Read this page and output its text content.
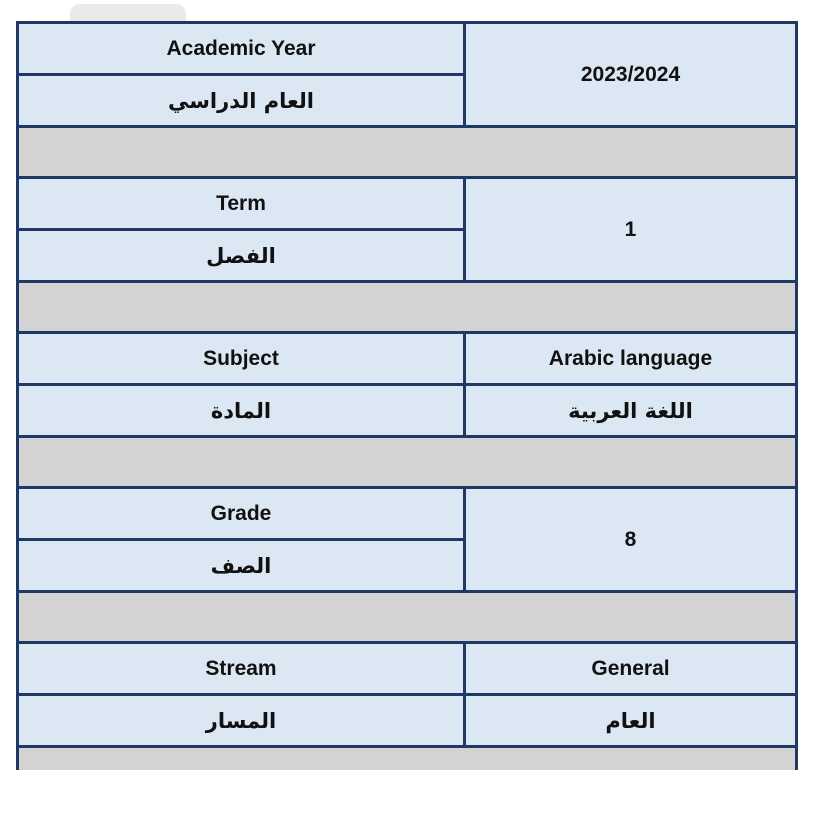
Academic Year	2023/2024
العام الدراسي	

Term	1
الفصل	

Subject	Arabic language
المادة	اللغة العربية

Grade	8
الصف	

Stream	General
المسار	العام
